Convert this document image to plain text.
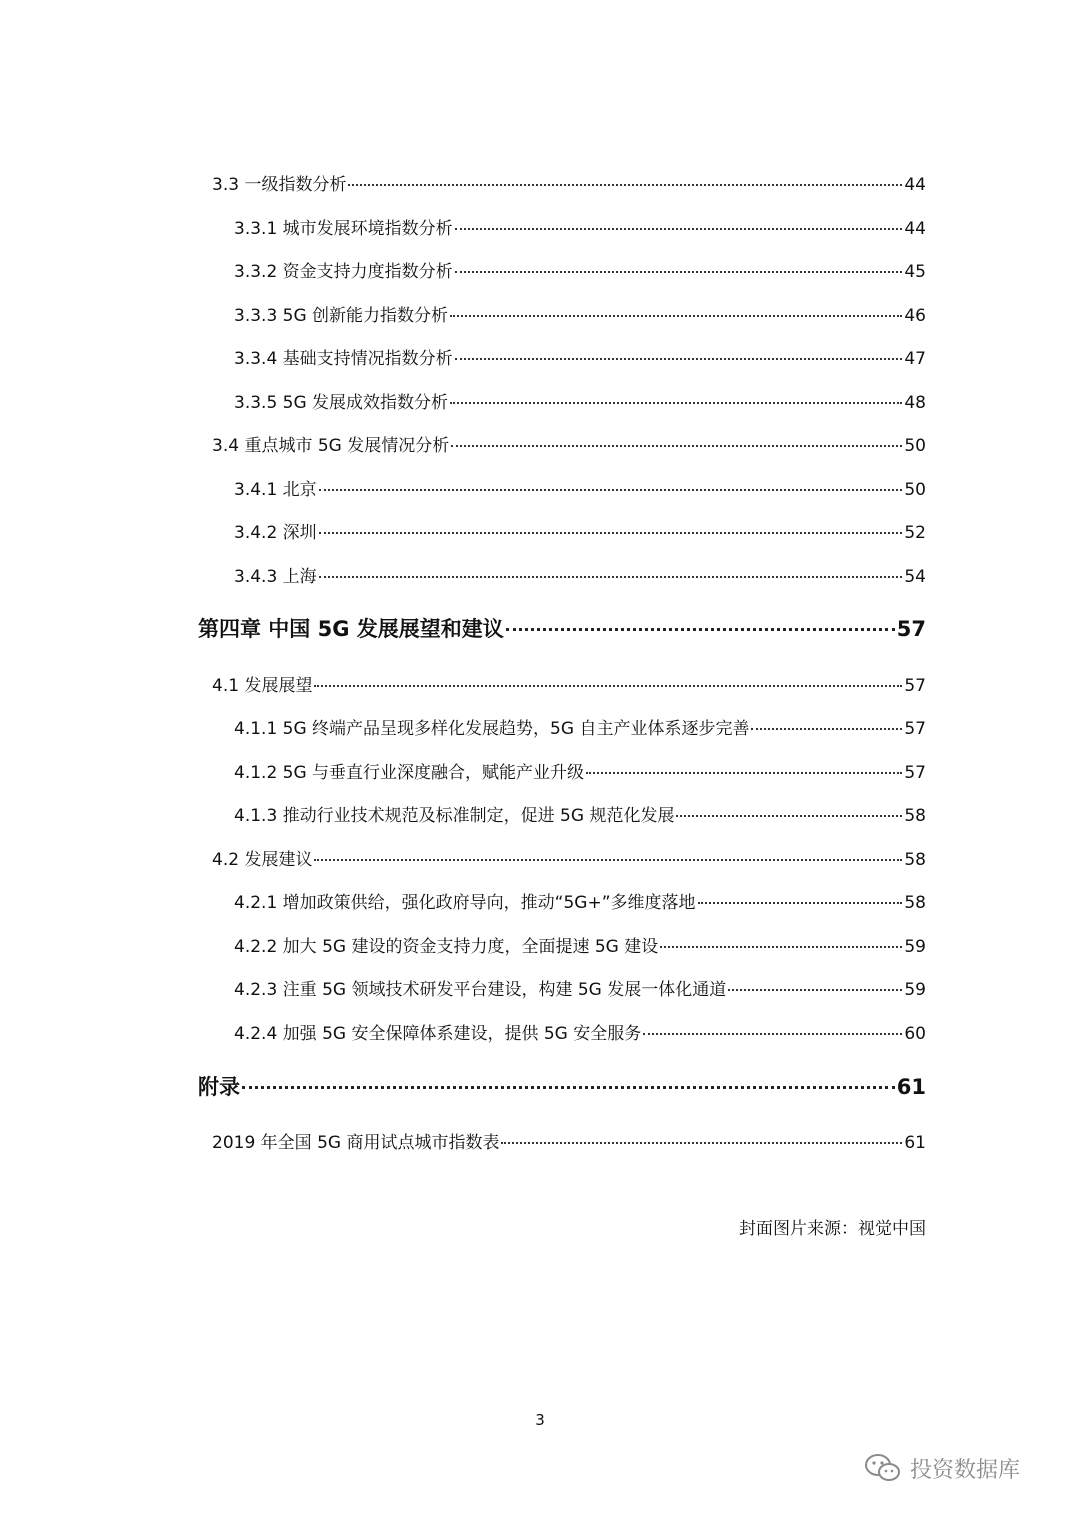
3.3 一级指数分析	44
3.3.1 城市发展环境指数分析	44
3.3.2 资金支持力度指数分析	45
3.3.3 5G 创新能力指数分析	46
3.3.4 基础支持情况指数分析	47
3.3.5 5G 发展成效指数分析	48
3.4 重点城市 5G 发展情况分析	50
3.4.1 北京	50
3.4.2 深圳	52
3.4.3 上海	54
第四章 中国 5G 发展展望和建议	57
4.1 发展展望	57
4.1.1 5G 终端产品呈现多样化发展趋势，5G 自主产业体系逐步完善	57
4.1.2 5G 与垂直行业深度融合，赋能产业升级	57
4.1.3 推动行业技术规范及标准制定，促进 5G 规范化发展	58
4.2 发展建议	58
4.2.1 增加政策供给，强化政府导向，推动“5G+”多维度落地	58
4.2.2 加大 5G 建设的资金支持力度，全面提速 5G 建设	59
4.2.3 注重 5G 领域技术研发平台建设，构建 5G 发展一体化通道	59
4.2.4 加强 5G 安全保障体系建设，提供 5G 安全服务	60
附录	61
2019 年全国 5G 商用试点城市指数表	61
封面图片来源：视觉中国
3
投资数据库
